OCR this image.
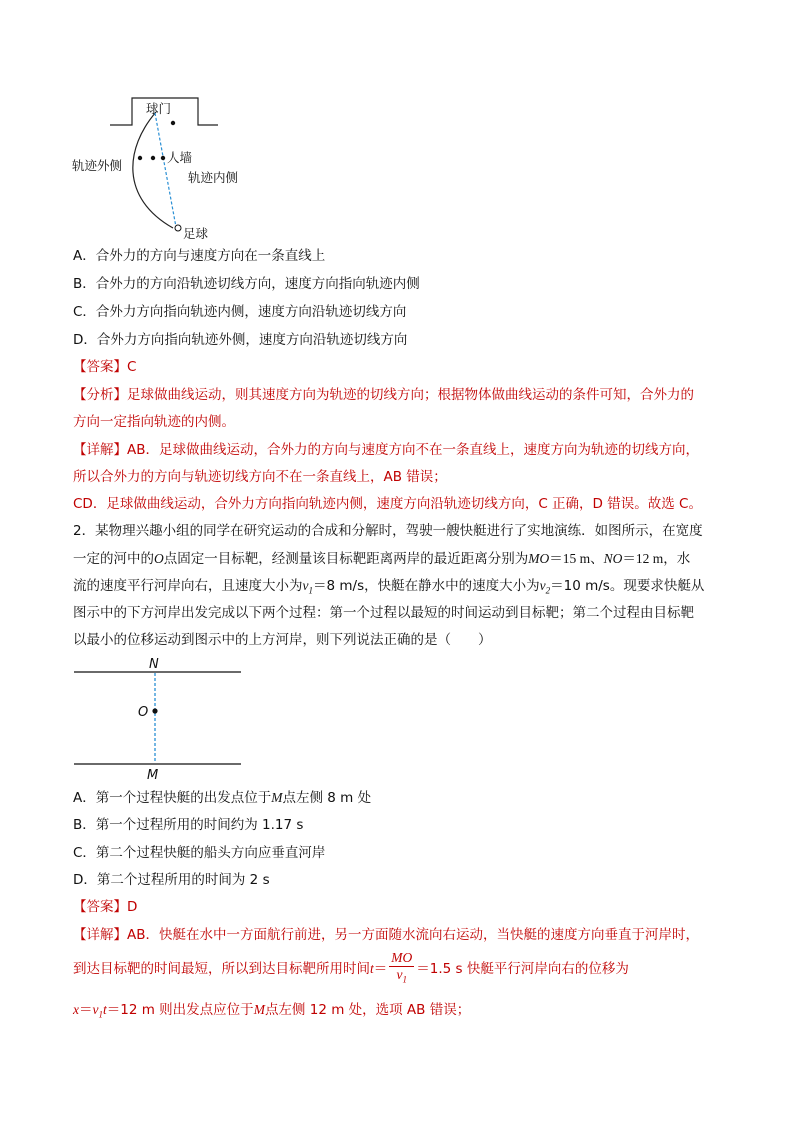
球门
人墙
轨迹外侧
轨迹内侧
足球
A．合外力的方向与速度方向在一条直线上
B．合外力的方向沿轨迹切线方向，速度方向指向轨迹内侧
C．合外力方向指向轨迹内侧，速度方向沿轨迹切线方向
D．合外力方向指向轨迹外侧，速度方向沿轨迹切线方向
【答案】C
【分析】足球做曲线运动，则其速度方向为轨迹的切线方向；根据物体做曲线运动的条件可知，合外力的
方向一定指向轨迹的内侧。
【详解】AB．足球做曲线运动，合外力的方向与速度方向不在一条直线上，速度方向为轨迹的切线方向，
所以合外力的方向与轨迹切线方向不在一条直线上，AB 错误；
CD．足球做曲线运动，合外力方向指向轨迹内侧，速度方向沿轨迹切线方向，C 正确，D 错误。故选 C。
2．某物理兴趣小组的同学在研究运动的合成和分解时，驾驶一艘快艇进行了实地演练．如图所示，在宽度
一定的河中的O点固定一目标靶，经测量该目标靶距离两岸的最近距离分别为MO＝15 m、NO＝12 m，水
流的速度平行河岸向右，且速度大小为$v_1=8$ m/s，快艇在静水中的速度大小为$v_2=10$ m/s。现要求快艇从
图示中的下方河岸出发完成以下两个过程：第一个过程以最短的时间运动到目标靶；第二个过程由目标靶
以最小的位移运动到图示中的上方河岸，则下列说法正确的是（　　）
N
O
M
A．第一个过程快艇的出发点位于M点左侧 8 m 处
B．第一个过程所用的时间约为 1.17 s
C．第二个过程快艇的船头方向应垂直河岸
D．第二个过程所用的时间为 2 s
【答案】D
【详解】AB．快艇在水中一方面航行前进，另一方面随水流向右运动，当快艇的速度方向垂直于河岸时，
到达目标靶的时间最短，所以到达目标靶所用时间$t= \frac{MO}{v_1} =1.5$ s 快艇平行河岸向右的位移为
$x=v_1t=12$ m 则出发点应位于M点左侧 12 m 处，选项 AB 错误；
